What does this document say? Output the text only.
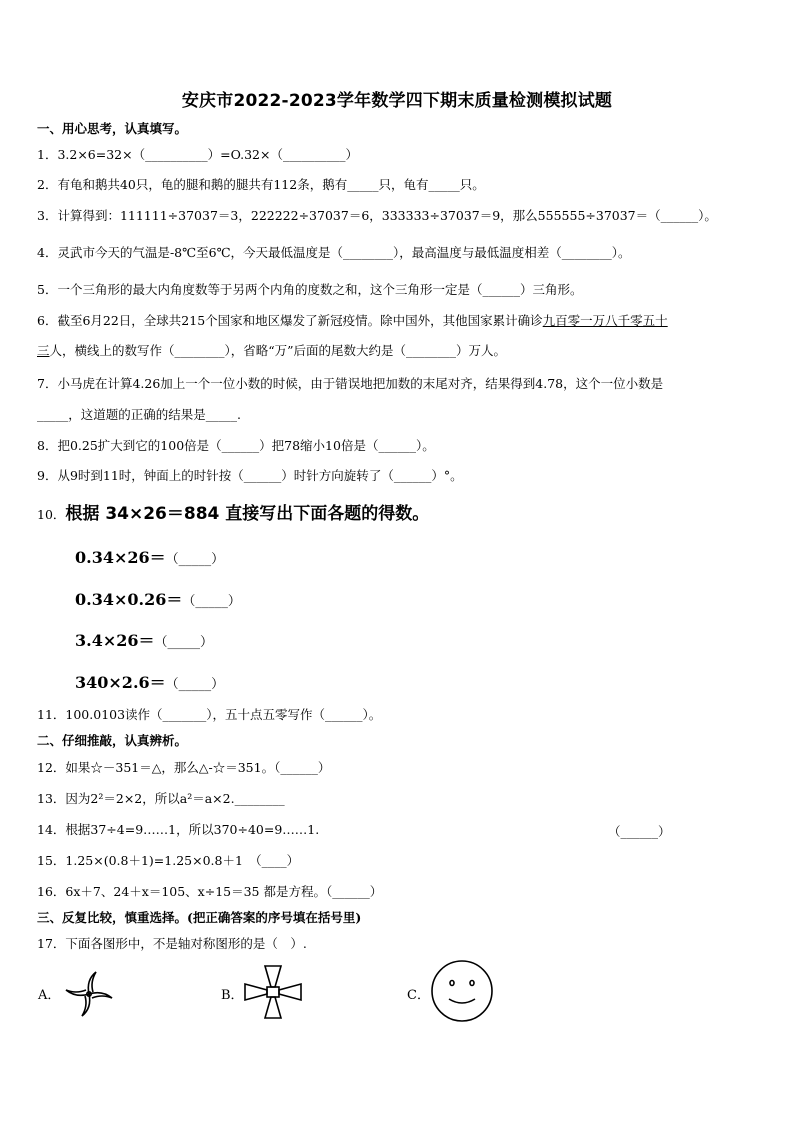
安庆市2022-2023学年数学四下期末质量检测模拟试题
一、用心思考，认真填写。
1．3.2×6=32×（__________）=O.32×（__________）
2．有龟和鹅共40只，龟的腿和鹅的腿共有112条，鹅有_____只，龟有_____只。
3．计算得到：111111÷37037＝3，222222÷37037＝6，333333÷37037＝9，那么555555÷37037＝（______）。
4．灵武市今天的气温是-8℃至6℃，今天最低温度是（________），最高温度与最低温度相差（________）。
5．一个三角形的最大内角度数等于另两个内角的度数之和，这个三角形一定是（______）三角形。
6．截至6月22日，全球共215个国家和地区爆发了新冠疫情。除中国外，其他国家累计确诊九百零一万八千零五十
三人，横线上的数写作（________），省略“万”后面的尾数大约是（________）万人。
7．小马虎在计算4.26加上一个一位小数的时候，由于错误地把加数的末尾对齐，结果得到4.78，这个一位小数是
_____，这道题的正确的结果是_____.
8．把0.25扩大到它的100倍是（______）把78缩小10倍是（______）。
9．从9时到11时，钟面上的时针按（______）时针方向旋转了（______）°。
10．根据 34×26＝884 直接写出下面各题的得数。
0.34×26＝（_____）
0.34×0.26＝（_____）
3.4×26＝（_____）
340×2.6＝（_____）
11．100.0103读作（_______），五十点五零写作（______）。
二、仔细推敲，认真辨析。
12．如果☆－351＝△，那么△-☆＝351。（______）
13．因为2²＝2×2，所以a²＝a×2.________
14．根据37÷4=9……1，所以370÷40=9……1.	（______）
15．1.25×(0.8＋1)=1.25×0.8＋1　（____）
16．6x＋7、24＋x＝105、x÷15＝35 都是方程。（______）
三、反复比较，慎重选择。(把正确答案的序号填在括号里)
17．下面各图形中，不是轴对称图形的是（　）.
A．	B．	C．
